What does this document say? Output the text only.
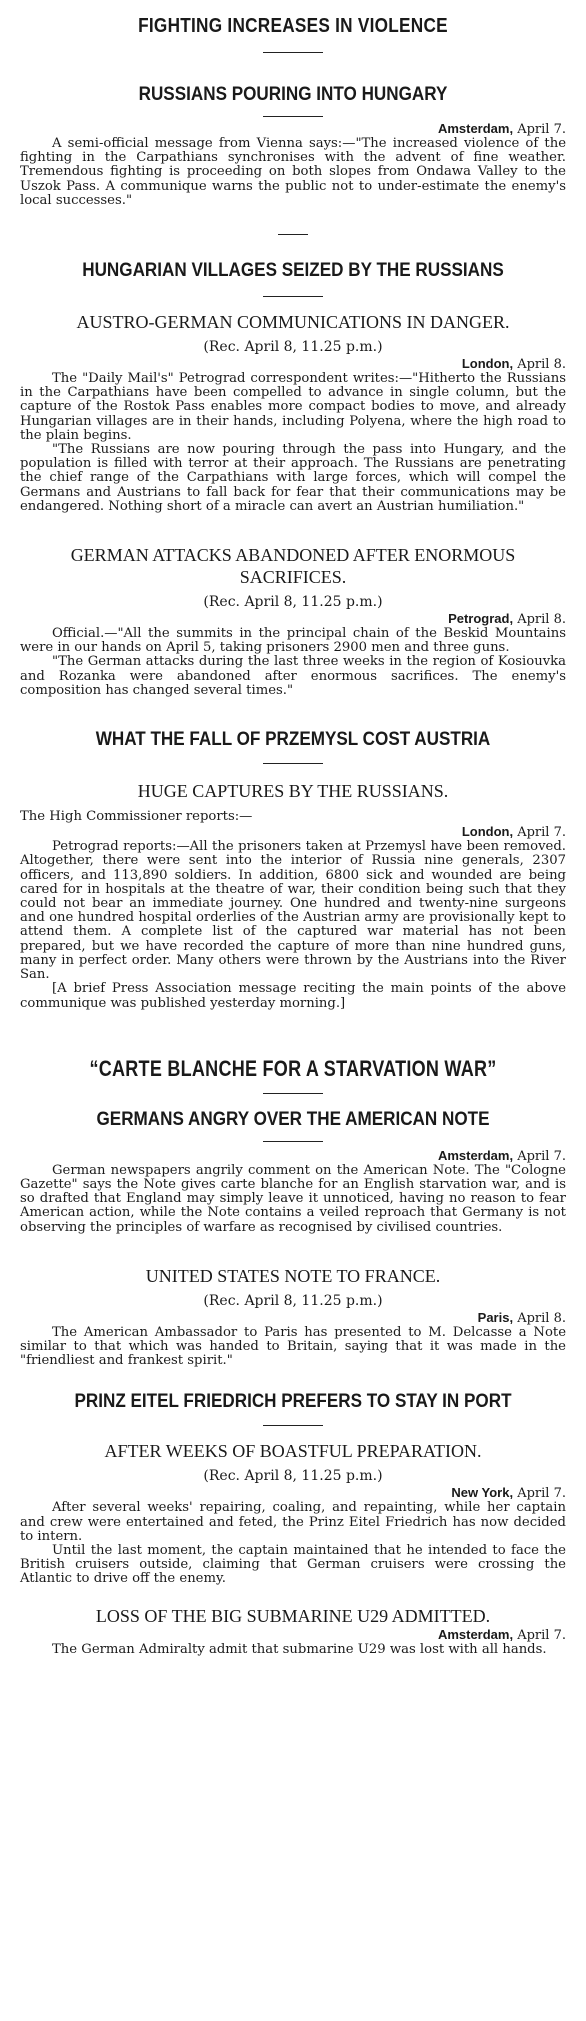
FIGHTING INCREASES IN VIOLENCE
RUSSIANS POURING INTO HUNGARY

Amsterdam, April 7.

A semi-official message from Vienna says:—"The increased violence of the fighting in the Carpathians synchronises with the advent of fine weather. Tremendous fighting is proceeding on both slopes from Ondawa Valley to the Uszok Pass. A communique warns the public not to under-estimate the enemy's local successes."

HUNGARIAN VILLAGES SEIZED BY THE RUSSIANS
AUSTRO-GERMAN COMMUNICATIONS IN DANGER.

(Rec. April 8, 11.25 p.m.)

London, April 8.

The "Daily Mail's" Petrograd correspondent writes:—"Hitherto the Russians in the Carpathians have been compelled to advance in single column, but the capture of the Rostok Pass enables more compact bodies to move, and already Hungarian villages are in their hands, including Polyena, where the high road to the plain begins.

"The Russians are now pouring through the pass into Hungary, and the population is filled with terror at their approach. The Russians are penetrating the chief range of the Carpathians with large forces, which will compel the Germans and Austrians to fall back for fear that their communications may be endangered. Nothing short of a miracle can avert an Austrian humiliation."

GERMAN ATTACKS ABANDONED AFTER ENORMOUS SACRIFICES.

(Rec. April 8, 11.25 p.m.)

Petrograd, April 8.

Official.—"All the summits in the principal chain of the Beskid Mountains were in our hands on April 5, taking prisoners 2900 men and three guns.

"The German attacks during the last three weeks in the region of Kosiouvka and Rozanka were abandoned after enormous sacrifices. The enemy's composition has changed several times."

WHAT THE FALL OF PRZEMYSL COST AUSTRIA
HUGE CAPTURES BY THE RUSSIANS.

The High Commissioner reports:—

London, April 7.

Petrograd reports:—All the prisoners taken at Przemysl have been removed. Altogether, there were sent into the interior of Russia nine generals, 2307 officers, and 113,890 soldiers. In addition, 6800 sick and wounded are being cared for in hospitals at the theatre of war, their condition being such that they could not bear an immediate journey. One hundred and twenty-nine surgeons and one hundred hospital orderlies of the Austrian army are provisionally kept to attend them. A complete list of the captured war material has not been prepared, but we have recorded the capture of more than nine hundred guns, many in perfect order. Many others were thrown by the Austrians into the River San.

[A brief Press Association message reciting the main points of the above communique was published yesterday morning.]

“CARTE BLANCHE FOR A STARVATION WAR”
GERMANS ANGRY OVER THE AMERICAN NOTE

Amsterdam, April 7.

German newspapers angrily comment on the American Note. The "Cologne Gazette" says the Note gives carte blanche for an English starvation war, and is so drafted that England may simply leave it unnoticed, having no reason to fear American action, while the Note contains a veiled reproach that Germany is not observing the principles of warfare as recognised by civilised countries.

UNITED STATES NOTE TO FRANCE.

(Rec. April 8, 11.25 p.m.)

Paris, April 8.

The American Ambassador to Paris has presented to M. Delcasse a Note similar to that which was handed to Britain, saying that it was made in the "friendliest and frankest spirit."

PRINZ EITEL FRIEDRICH PREFERS TO STAY IN PORT
AFTER WEEKS OF BOASTFUL PREPARATION.

(Rec. April 8, 11.25 p.m.)

New York, April 7.

After several weeks' repairing, coaling, and repainting, while her captain and crew were entertained and feted, the Prinz Eitel Friedrich has now decided to intern.

Until the last moment, the captain maintained that he intended to face the British cruisers outside, claiming that German cruisers were crossing the Atlantic to drive off the enemy.

LOSS OF THE BIG SUBMARINE U29 ADMITTED.

Amsterdam, April 7.

The German Admiralty admit that submarine U29 was lost with all hands.
